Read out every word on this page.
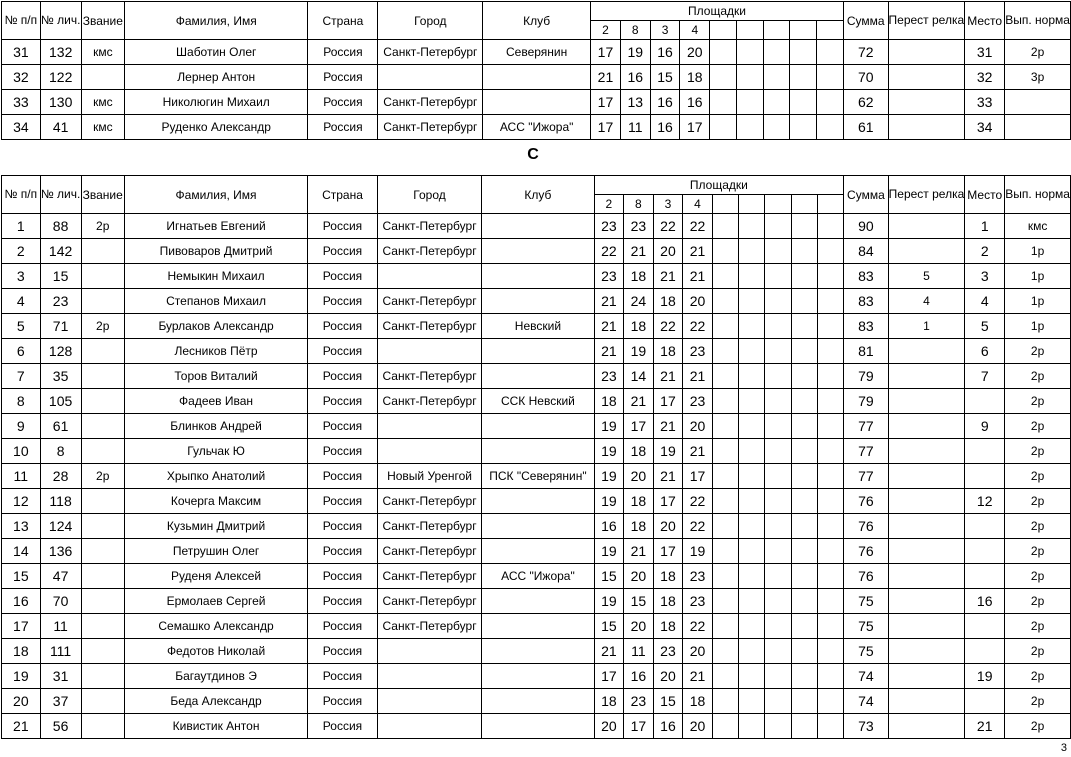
№ п/п	№ лич.	Звание	Фамилия, Имя	Страна	Город	Клуб	Площадки									Сумма	Перест релка	Место	Вып. норма
							2	8	3	4									
31	132	кмс	Шаботин Олег	Россия	Санкт-Петербург	Северянин	17	19	16	20						72		31	2р
32	122		Лернер Антон	Россия			21	16	15	18						70		32	3р
33	130	кмс	Николюгин Михаил	Россия	Санкт-Петербург		17	13	16	16						62		33	
34	41	кмс	Руденко Александр	Россия	Санкт-Петербург	АСС "Ижора"	17	11	16	17						61		34	
С
№ п/п	№ лич.	Звание	Фамилия, Имя	Страна	Город	Клуб	Площадки									Сумма	Перест релка	Место	Вып. норма
							2	8	3	4									
1	88	2р	Игнатьев Евгений	Россия	Санкт-Петербург		23	23	22	22						90		1	кмс
2	142		Пивоваров Дмитрий	Россия	Санкт-Петербург		22	21	20	21						84		2	1р
3	15		Немыкин Михаил	Россия			23	18	21	21						83	5	3	1р
4	23		Степанов Михаил	Россия	Санкт-Петербург		21	24	18	20						83	4	4	1р
5	71	2р	Бурлаков Александр	Россия	Санкт-Петербург	Невский	21	18	22	22						83	1	5	1р
6	128		Лесников Пётр	Россия			21	19	18	23						81		6	2р
7	35		Торов Виталий	Россия	Санкт-Петербург		23	14	21	21						79		7	2р
8	105		Фадеев Иван	Россия	Санкт-Петербург	ССК Невский	18	21	17	23						79			2р
9	61		Блинков Андрей	Россия			19	17	21	20						77		9	2р
10	8		Гульчак Ю	Россия			19	18	19	21						77			2р
11	28	2р	Хрыпко Анатолий	Россия	Новый Уренгой	ПСК "Северянин"	19	20	21	17						77			2р
12	118		Кочерга Максим	Россия	Санкт-Петербург		19	18	17	22						76		12	2р
13	124		Кузьмин Дмитрий	Россия	Санкт-Петербург		16	18	20	22						76			2р
14	136		Петрушин Олег	Россия	Санкт-Петербург		19	21	17	19						76			2р
15	47		Руденя Алексей	Россия	Санкт-Петербург	АСС "Ижора"	15	20	18	23						76			2р
16	70		Ермолаев Сергей	Россия	Санкт-Петербург		19	15	18	23						75		16	2р
17	11		Семашко Александр	Россия	Санкт-Петербург		15	20	18	22						75			2р
18	111		Федотов Николай	Россия			21	11	23	20						75			2р
19	31		Багаутдинов Э	Россия			17	16	20	21						74		19	2р
20	37		Беда Александр	Россия			18	23	15	18						74			2р
21	56		Кивистик Антон	Россия			20	17	16	20						73		21	2р
3
